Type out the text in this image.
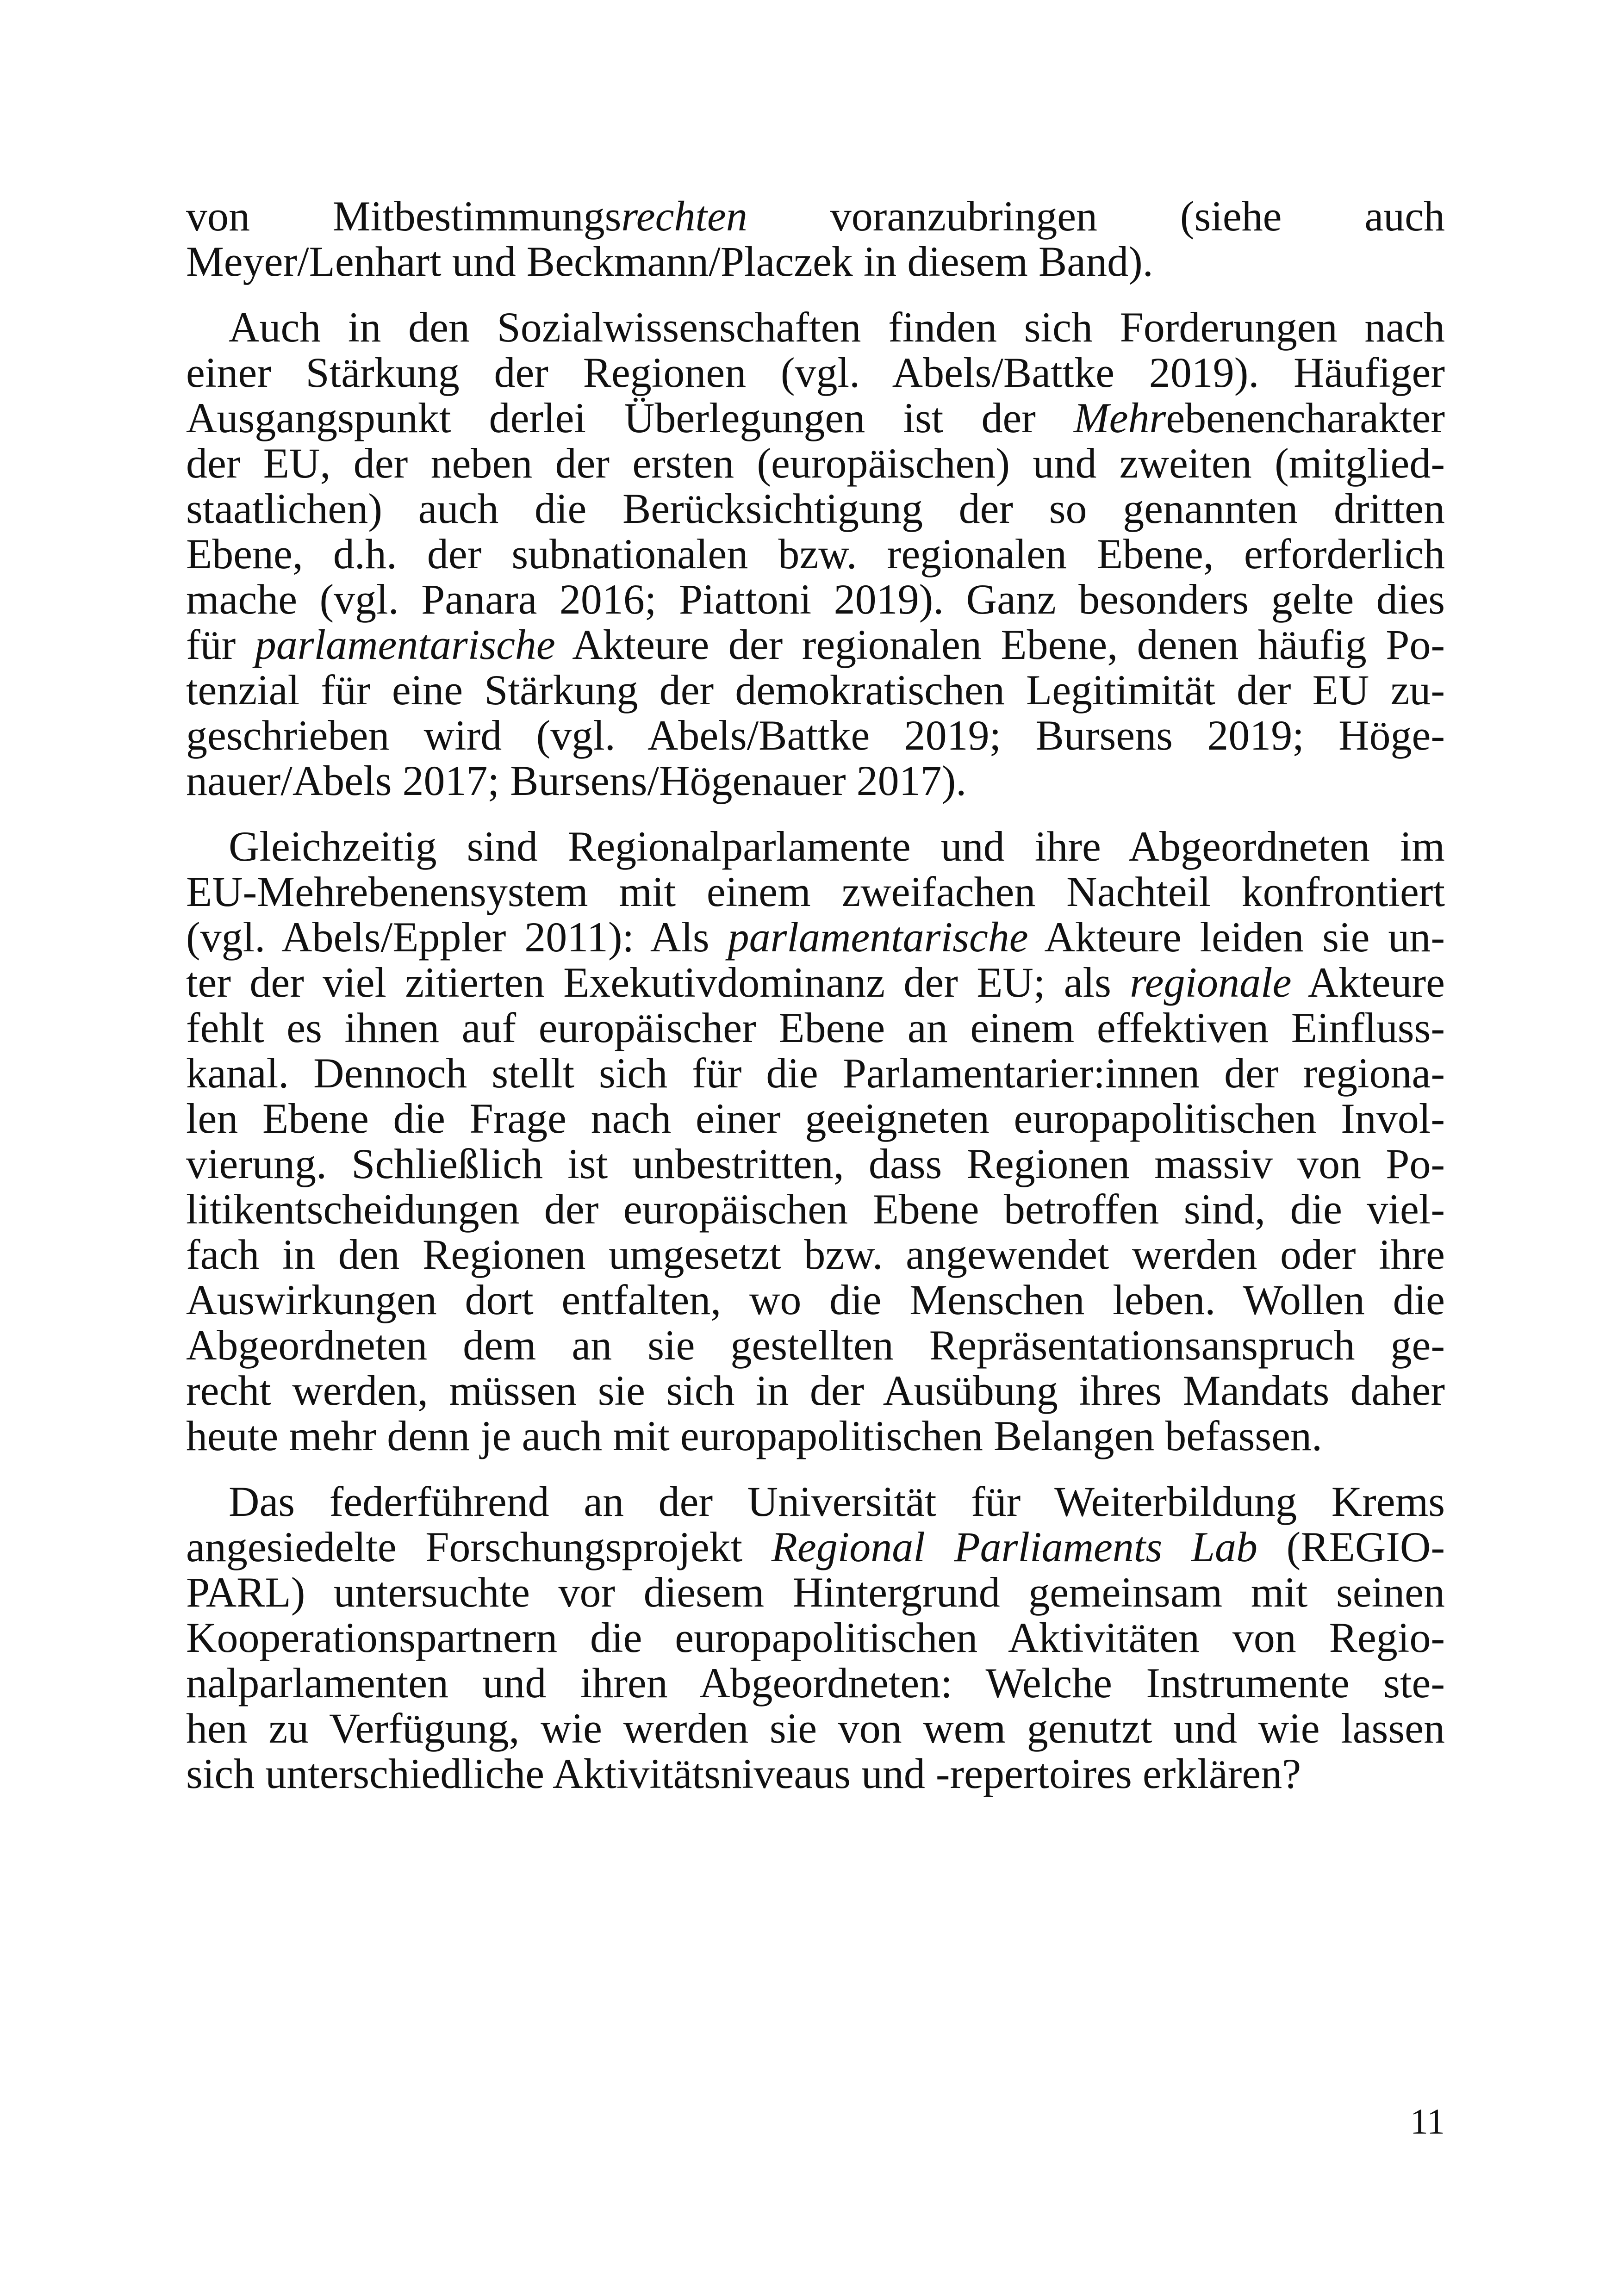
von Mitbestimmungsrechten voranzubringen (siehe auch
Meyer/Lenhart und Beckmann/Placzek in diesem Band).
Auch in den Sozialwissenschaften finden sich Forderungen nach
einer Stärkung der Regionen (vgl. Abels/Battke 2019). Häufiger
Ausgangspunkt derlei Überlegungen ist der Mehrebenencharakter
der EU, der neben der ersten (europäischen) und zweiten (mitglied-
staatlichen) auch die Berücksichtigung der so genannten dritten
Ebene, d.h. der subnationalen bzw. regionalen Ebene, erforderlich
mache (vgl. Panara 2016; Piattoni 2019). Ganz besonders gelte dies
für parlamentarische Akteure der regionalen Ebene, denen häufig Po-
tenzial für eine Stärkung der demokratischen Legitimität der EU zu-
geschrieben wird (vgl. Abels/Battke 2019; Bursens 2019; Höge-
nauer/Abels 2017; Bursens/Högenauer 2017).
Gleichzeitig sind Regionalparlamente und ihre Abgeordneten im
EU-Mehrebenensystem mit einem zweifachen Nachteil konfrontiert
(vgl. Abels/Eppler 2011): Als parlamentarische Akteure leiden sie un-
ter der viel zitierten Exekutivdominanz der EU; als regionale Akteure
fehlt es ihnen auf europäischer Ebene an einem effektiven Einfluss-
kanal. Dennoch stellt sich für die Parlamentarier:innen der regiona-
len Ebene die Frage nach einer geeigneten europapolitischen Invol-
vierung. Schließlich ist unbestritten, dass Regionen massiv von Po-
litikentscheidungen der europäischen Ebene betroffen sind, die viel-
fach in den Regionen umgesetzt bzw. angewendet werden oder ihre
Auswirkungen dort entfalten, wo die Menschen leben. Wollen die
Abgeordneten dem an sie gestellten Repräsentationsanspruch ge-
recht werden, müssen sie sich in der Ausübung ihres Mandats daher
heute mehr denn je auch mit europapolitischen Belangen befassen.
Das federführend an der Universität für Weiterbildung Krems
angesiedelte Forschungsprojekt Regional Parliaments Lab (REGIO-
PARL) untersuchte vor diesem Hintergrund gemeinsam mit seinen
Kooperationspartnern die europapolitischen Aktivitäten von Regio-
nalparlamenten und ihren Abgeordneten: Welche Instrumente ste-
hen zu Verfügung, wie werden sie von wem genutzt und wie lassen
sich unterschiedliche Aktivitätsniveaus und -repertoires erklären?
11
